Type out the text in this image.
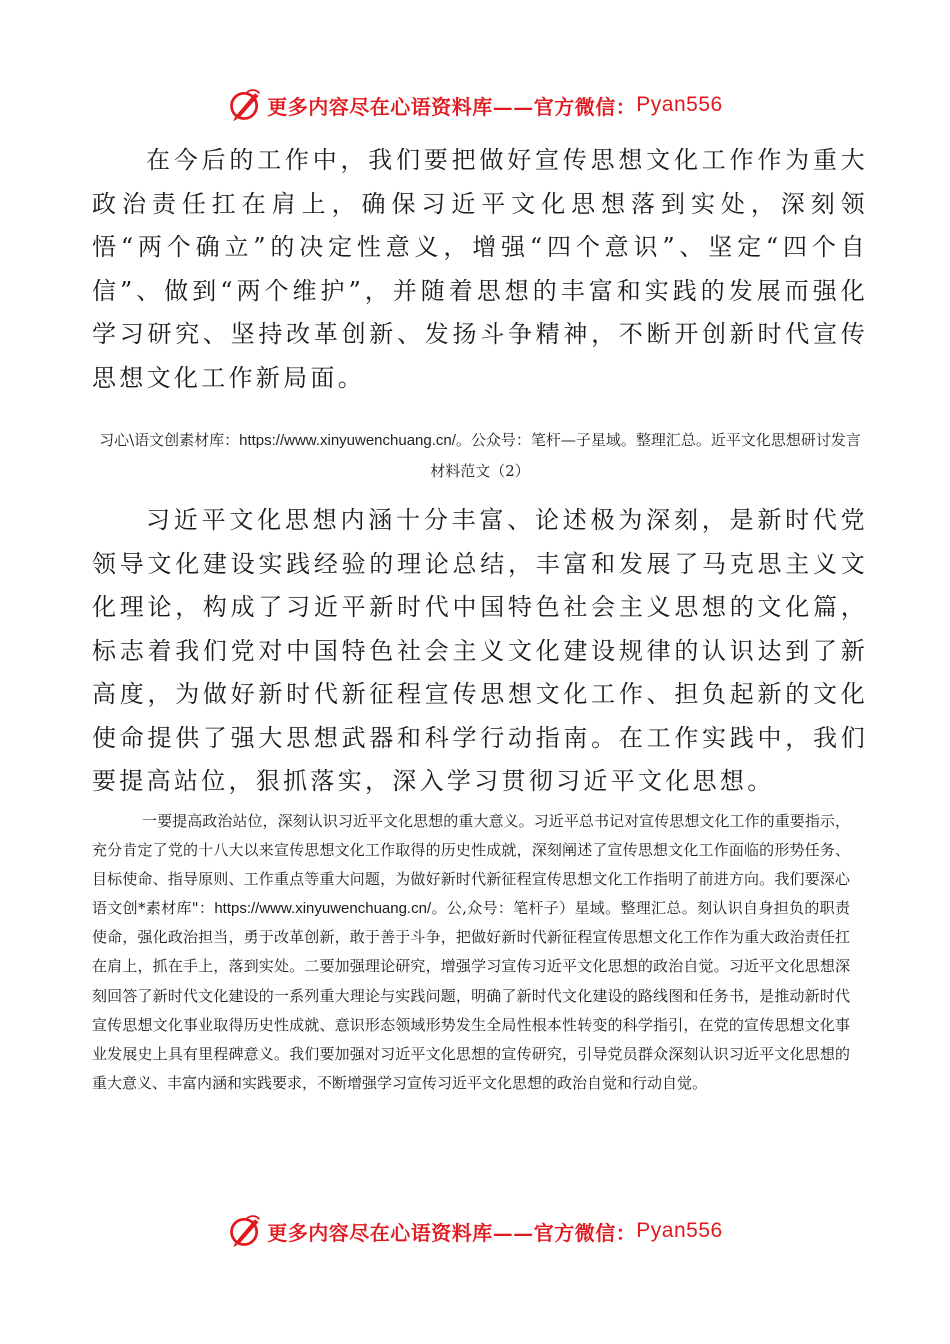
更多内容尽在心语资料库—— 官方微信： Pyan556

在今后的工作中，我们要把做好宣传思想文化工作作为重大政治责任扛在肩上，确保习近平文化思想落到实处，深刻领悟“两个确立”的决定性意义，增强“四个意识”、坚定“四个自信”、做到“两个维护”，并随着思想的丰富和实践的发展而强化学习研究、坚持改革创新、发扬斗争精神，不断开创新时代宣传思想文化工作新局面。

习心\语文创素材库：https://www.xinyuwenchuang.cn/。公众号：笔杆—子星域。整理汇总。近平文化思想研讨发言材料范文（2）

习近平文化思想内涵十分丰富、论述极为深刻，是新时代党领导文化建设实践经验的理论总结，丰富和发展了马克思主义文化理论，构成了习近平新时代中国特色社会主义思想的文化篇，标志着我们党对中国特色社会主义文化建设规律的认识达到了新高度，为做好新时代新征程宣传思想文化工作、担负起新的文化使命提供了强大思想武器和科学行动指南。在工作实践中，我们要提高站位，狠抓落实，深入学习贯彻习近平文化思想。

一要提高政治站位，深刻认识习近平文化思想的重大意义。习近平总书记对宣传思想文化工作的重要指示，充分肯定了党的十八大以来宣传思想文化工作取得的历史性成就，深刻阐述了宣传思想文化工作面临的形势任务、目标使命、指导原则、工作重点等重大问题，为做好新时代新征程宣传思想文化工作指明了前进方向。我们要深心语文创*素材库"：https://www.xinyuwenchuang.cn/。公,众号：笔杆子）星域。整理汇总。刻认识自身担负的职责使命，强化政治担当，勇于改革创新，敢于善于斗争，把做好新时代新征程宣传思想文化工作作为重大政治责任扛在肩上，抓在手上，落到实处。二要加强理论研究，增强学习宣传习近平文化思想的政治自觉。习近平文化思想深刻回答了新时代文化建设的一系列重大理论与实践问题，明确了新时代文化建设的路线图和任务书，是推动新时代宣传思想文化事业取得历史性成就、意识形态领域形势发生全局性根本性转变的科学指引，在党的宣传思想文化事业发展史上具有里程碑意义。我们要加强对习近平文化思想的宣传研究，引导党员群众深刻认识习近平文化思想的重大意义、丰富内涵和实践要求，不断增强学习宣传习近平文化思想的政治自觉和行动自觉。

更多内容尽在心语资料库—— 官方微信： Pyan556
